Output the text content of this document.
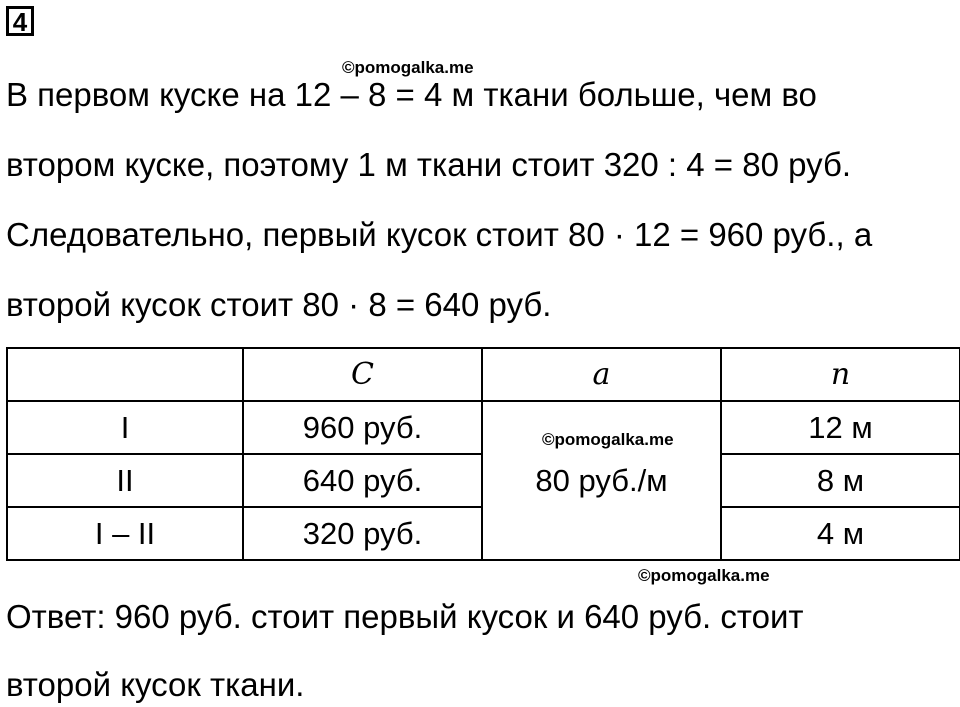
4
©pomogalka.me
В первом куске на 12 – 8 = 4 м ткани больше, чем во
втором куске, поэтому 1 м ткани стоит 320 : 4 = 80 руб.
Следовательно, первый кусок стоит 80 · 12 = 960 руб., а
второй кусок стоит 80 · 8 = 640 руб.
	C	a	n
I	960 руб.	80 руб./м	12 м
II	640 руб.		8 м
I – II	320 руб.		4 м
©pomogalka.me
©pomogalka.me
Ответ: 960 руб. стоит первый кусок и 640 руб. стоит
второй кусок ткани.
